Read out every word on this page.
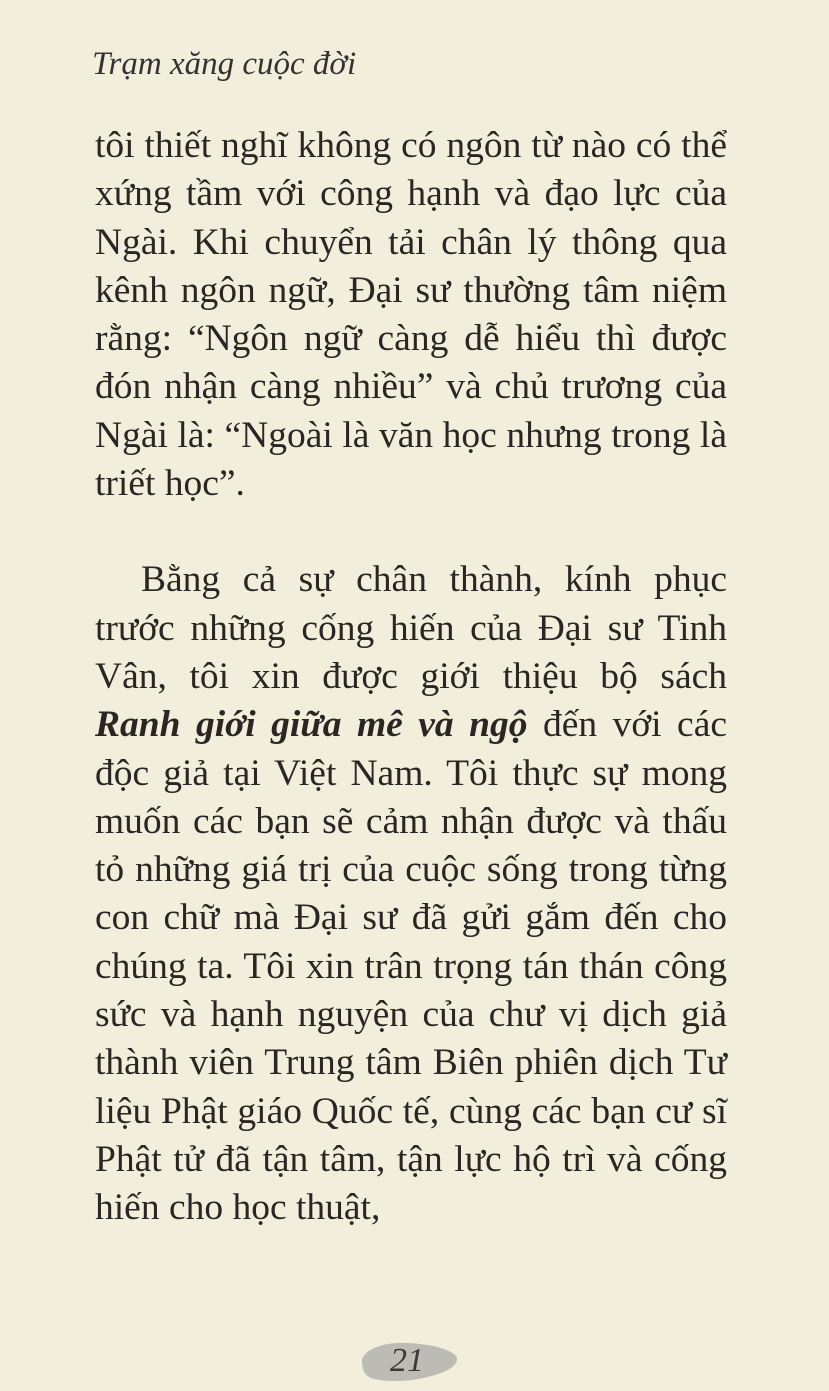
Trạm xăng cuộc đời

tôi thiết nghĩ không có ngôn từ nào có thể xứng tầm với công hạnh và đạo lực của Ngài. Khi chuyển tải chân lý thông qua kênh ngôn ngữ, Đại sư thường tâm niệm rằng: “Ngôn ngữ càng dễ hiểu thì được đón nhận càng nhiều” và chủ trương của Ngài là: “Ngoài là văn học nhưng trong là triết học”.

Bằng cả sự chân thành, kính phục trước những cống hiến của Đại sư Tinh Vân, tôi xin được giới thiệu bộ sách Ranh giới giữa mê và ngộ đến với các độc giả tại Việt Nam. Tôi thực sự mong muốn các bạn sẽ cảm nhận được và thấu tỏ những giá trị của cuộc sống trong từng con chữ mà Đại sư đã gửi gắm đến cho chúng ta. Tôi xin trân trọng tán thán công sức và hạnh nguyện của chư vị dịch giả thành viên Trung tâm Biên phiên dịch Tư liệu Phật giáo Quốc tế, cùng các bạn cư sĩ Phật tử đã tận tâm, tận lực hộ trì và cống hiến cho học thuật,

21
